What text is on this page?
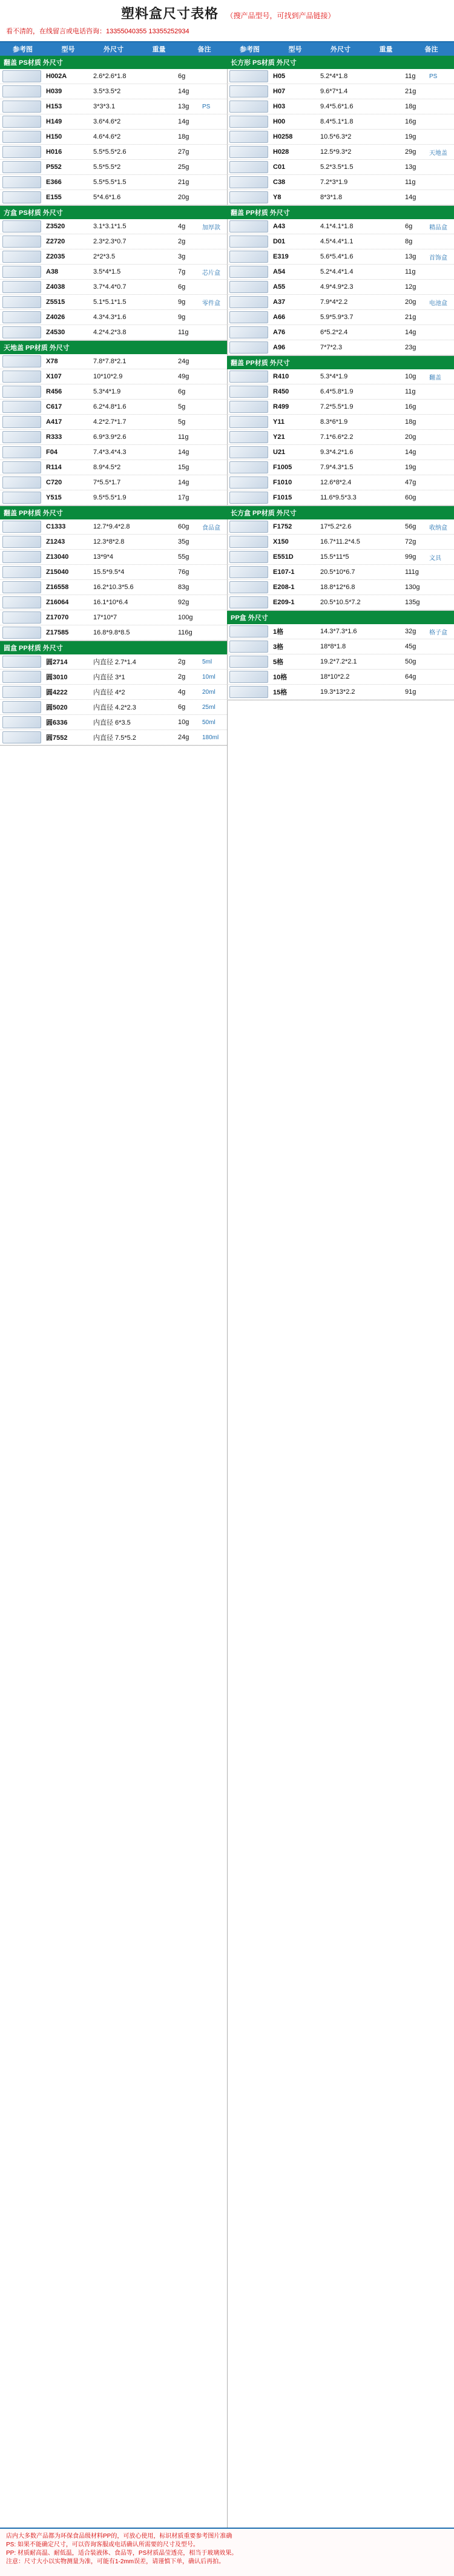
塑料盒尺寸表格 （搜产品型号，可找到产品链接）
看不清的，在线留言或电话咨询：13355040355 13355252934
参考图	型号	外尺寸	重量	备注
翻盖 PS材质 外尺寸
H002A	2.6*2.6*1.8	6g
H039	3.5*3.5*2	14g
H153	3*3*3.1	13g	PS
H149	3.6*4.6*2	14g
H150	4.6*4.6*2	18g
H016	5.5*5.5*2.6	27g
P552	5.5*5.5*2	25g
E366	5.5*5.5*1.5	21g
E155	5*4.6*1.6	20g
方盒 PS材质 外尺寸
Z3520	3.1*3.1*1.5	4g	加厚款
Z2720	2.3*2.3*0.7	2g
Z2035	2*2*3.5	3g
A38	3.5*4*1.5	7g	芯片盒
Z4038	3.7*4.4*0.7	6g
Z5515	5.1*5.1*1.5	9g	零件盒
Z4026	4.3*4.3*1.6	9g
Z4530	4.2*4.2*3.8	11g
天地盖 PP材质 外尺寸
X78	7.8*7.8*2.1	24g
X107	10*10*2.9	49g
R456	5.3*4*1.9	6g
C617	6.2*4.8*1.6	5g
A417	4.2*2.7*1.7	5g
R333	6.9*3.9*2.6	11g
F04	7.4*3.4*4.3	14g
R114	8.9*4.5*2	15g
C720	7*5.5*1.7	14g
Y515	9.5*5.5*1.9	17g
翻盖 PP材质 外尺寸
C1333	12.7*9.4*2.8	60g	食品盒
Z1243	12.3*8*2.8	35g
Z13040	13*9*4	55g
Z15040	15.5*9.5*4	76g
Z16558	16.2*10.3*5.6	83g
Z16064	16.1*10*6.4	92g
Z17070	17*10*7	100g
Z17585	16.8*9.8*8.5	116g
圆盒 PP材质 外尺寸
圆2714	内直径 2.7*1.4	2g	5ml
圆3010	内直径 3*1	2g	10ml
圆4222	内直径 4*2	4g	20ml
圆5020	内直径 4.2*2.3	6g	25ml
圆6336	内直径 6*3.5	10g	50ml
圆7552	内直径 7.5*5.2	24g	180ml
参考图	型号	外尺寸	重量	备注
长方形 PS材质 外尺寸
H05	5.2*4*1.8	11g	PS
H07	9.6*7*1.4	21g
H03	9.4*5.6*1.6	18g
H00	8.4*5.1*1.8	16g
H0258	10.5*6.3*2	19g
H028	12.5*9.3*2	29g	天地盖
C01	5.2*3.5*1.5	13g
C38	7.2*3*1.9	11g
Y8	8*3*1.8	14g
翻盖 PP材质 外尺寸
A43	4.1*4.1*1.8	6g	精品盒
D01	4.5*4.4*1.1	8g
E319	5.6*5.4*1.6	13g	首饰盒
A54	5.2*4.4*1.4	11g
A55	4.9*4.9*2.3	12g
A37	7.9*4*2.2	20g	电池盒
A66	5.9*5.9*3.7	21g
A76	6*5.2*2.4	14g
A96	7*7*2.3	23g
翻盖 PP材质 外尺寸
R410	5.3*4*1.9	10g	翻盖
R450	6.4*5.8*1.9	11g
R499	7.2*5.5*1.9	16g
Y11	8.3*6*1.9	18g
Y21	7.1*6.6*2.2	20g
U21	9.3*4.2*1.6	14g
F1005	7.9*4.3*1.5	19g
F1010	12.6*8*2.4	47g
F1015	11.6*9.5*3.3	60g
长方盒 PP材质 外尺寸
F1752	17*5.2*2.6	56g	收纳盒
X150	16.7*11.2*4.5	72g
E551D	15.5*11*5	99g	文具
E107-1	20.5*10*6.7	111g
E208-1	18.8*12*6.8	130g
E209-1	20.5*10.5*7.2	135g
PP盒 外尺寸
1格	14.3*7.3*1.6	32g	格子盒
3格	18*8*1.8	45g
5格	19.2*7.2*2.1	50g
10格	18*10*2.2	64g
15格	19.3*13*2.2	91g

店内大多数产品都为环保食品级材料PP的，可放心使用，标识材质重要参考图片准确

PS: 如果不能确定尺寸，可以咨询客服或电话确认所需要的尺寸及型号。

PP: 材质耐高温、耐低温，适合装液体、食品等，PS材质晶莹透亮，相当于玻璃效果。

注意：尺寸大小以实物测量为准，可能有1-2mm误差，请谨慎下单，确认后再拍。
